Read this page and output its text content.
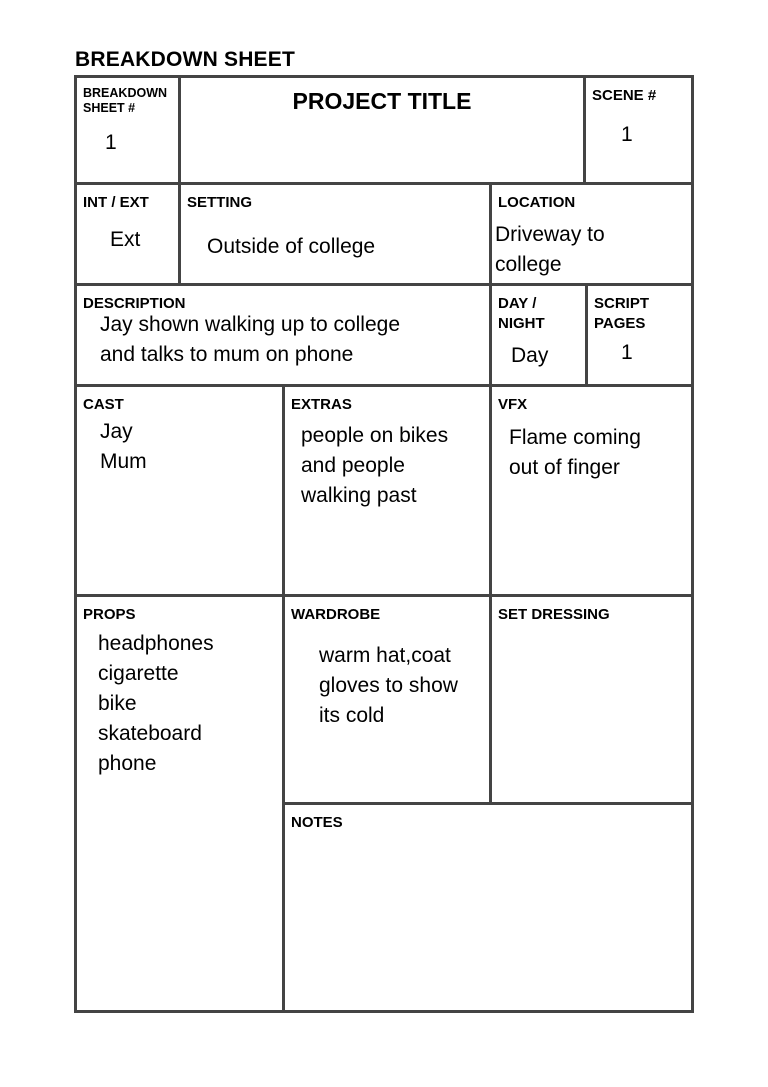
BREAKDOWN SHEET
BREAKDOWN
SHEET #
1
PROJECT TITLE	SCENE #
1
INT / EXT
Ext
SETTING
Outside of college
LOCATION
Driveway to
college
DESCRIPTION
Jay shown walking up to college
and talks to mum on phone
DAY /
NIGHT
Day
SCRIPT
PAGES
1
CAST
Jay
Mum
EXTRAS
people on bikes
and people
walking past
VFX
Flame coming
out of finger
PROPS
headphones
cigarette
bike
skateboard
phone
WARDROBE
warm hat,coat
gloves to show
its cold
SET DRESSING
NOTES
